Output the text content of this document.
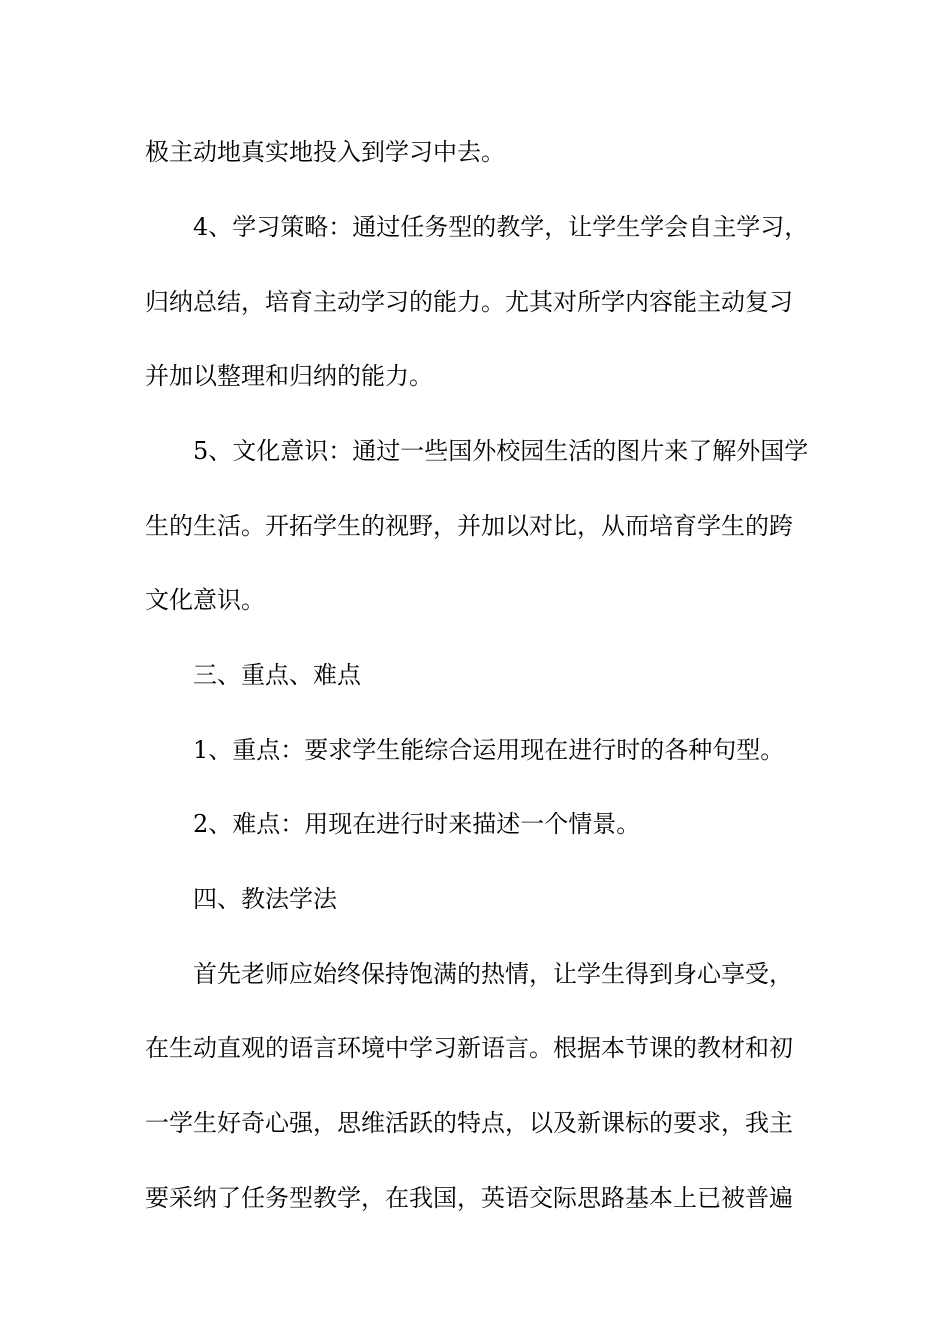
极主动地真实地投入到学习中去。
4、学习策略：通过任务型的教学，让学生学会自主学习，
归纳总结，培育主动学习的能力。尤其对所学内容能主动复习
并加以整理和归纳的能力。
5、文化意识：通过一些国外校园生活的图片来了解外国学
生的生活。开拓学生的视野，并加以对比，从而培育学生的跨
文化意识。
三、重点、难点
1、重点：要求学生能综合运用现在进行时的各种句型。
2、难点：用现在进行时来描述一个情景。
四、教法学法
首先老师应始终保持饱满的热情，让学生得到身心享受，
在生动直观的语言环境中学习新语言。根据本节课的教材和初
一学生好奇心强，思维活跃的特点，以及新课标的要求，我主
要采纳了任务型教学，在我国，英语交际思路基本上已被普遍
